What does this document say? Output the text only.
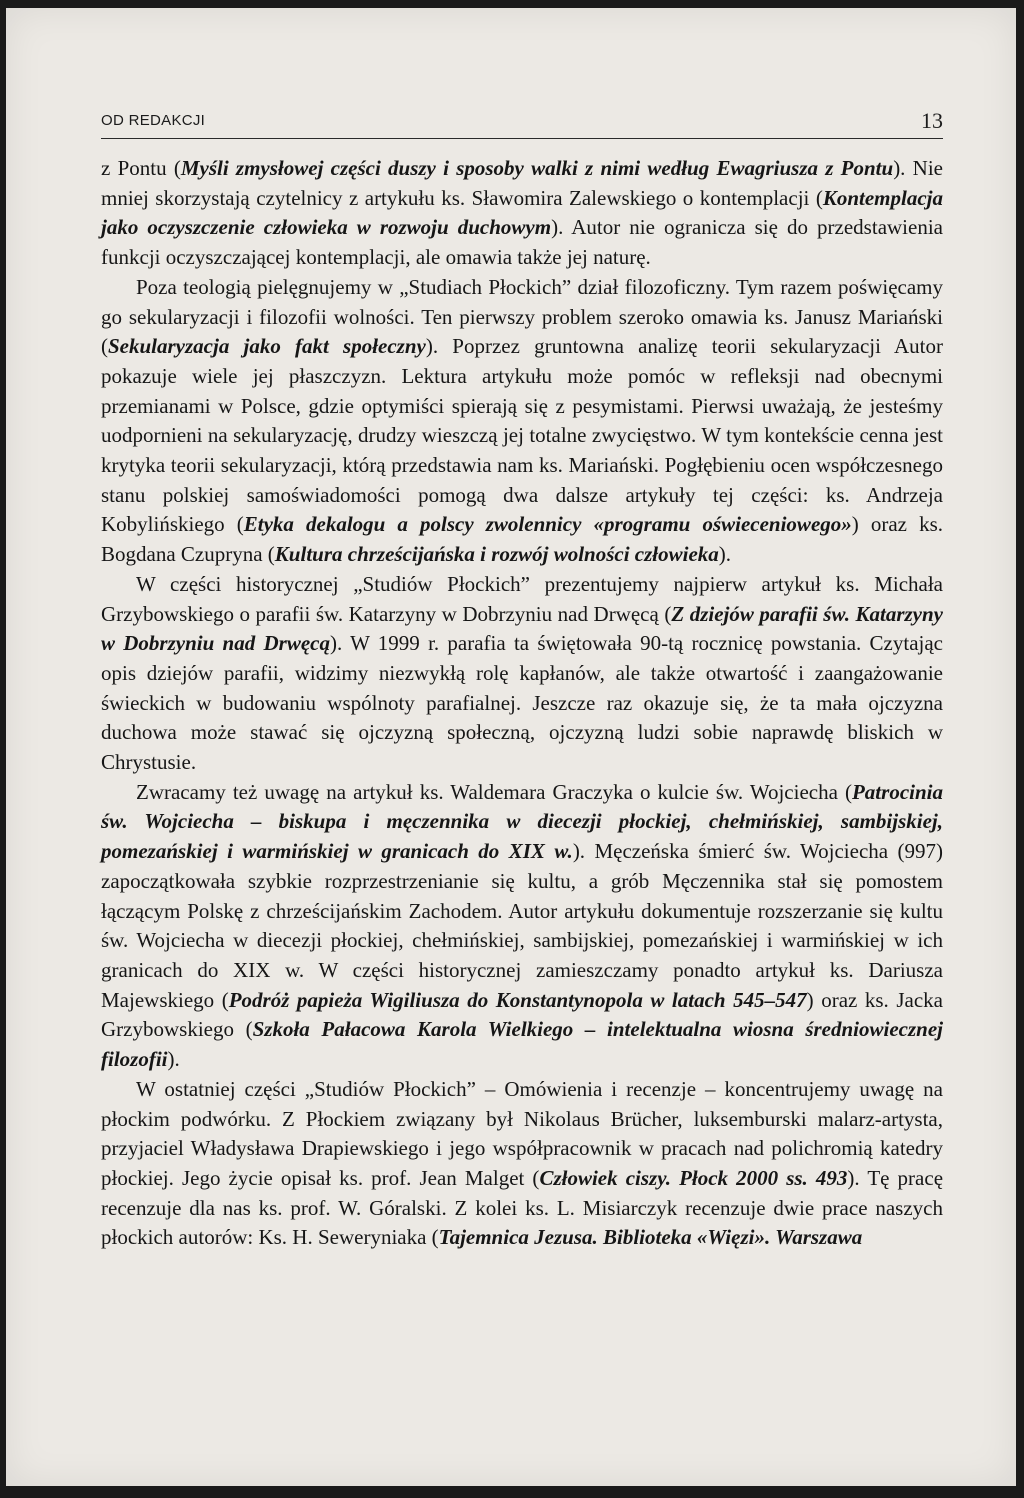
OD REDAKCJI	13

z Pontu (Myśli zmysłowej części duszy i sposoby walki z nimi według Ewagriusza z Pontu). Nie mniej skorzystają czytelnicy z artykułu ks. Sławomira Zalewskiego o kontemplacji (Kontemplacja jako oczyszczenie człowieka w rozwoju duchowym). Autor nie ogranicza się do przedstawienia funkcji oczyszczającej kontemplacji, ale omawia także jej naturę.

Poza teologią pielęgnujemy w „Studiach Płockich” dział filozoficzny. Tym razem poświęcamy go sekularyzacji i filozofii wolności. Ten pierwszy problem szeroko omawia ks. Janusz Mariański (Sekularyzacja jako fakt społeczny). Poprzez gruntowna analizę teorii sekularyzacji Autor pokazuje wiele jej płaszczyzn. Lektura artykułu może pomóc w refleksji nad obecnymi przemianami w Polsce, gdzie optymiści spierają się z pesymistami. Pierwsi uważają, że jesteśmy uodpornieni na sekularyzację, drudzy wieszczą jej totalne zwycięstwo. W tym kontekście cenna jest krytyka teorii sekularyzacji, którą przedstawia nam ks. Mariański. Pogłębieniu ocen współczesnego stanu polskiej samoświadomości pomogą dwa dalsze artykuły tej części: ks. Andrzeja Kobylińskiego (Etyka dekalogu a polscy zwolennicy «programu oświeceniowego») oraz ks. Bogdana Czupryna (Kultura chrześcijańska i rozwój wolności człowieka).

W części historycznej „Studiów Płockich” prezentujemy najpierw artykuł ks. Michała Grzybowskiego o parafii św. Katarzyny w Dobrzyniu nad Drwęcą (Z dziejów parafii św. Katarzyny w Dobrzyniu nad Drwęcą). W 1999 r. parafia ta świętowała 90-tą rocznicę powstania. Czytając opis dziejów parafii, widzimy niezwykłą rolę kapłanów, ale także otwartość i zaangażowanie świeckich w budowaniu wspólnoty parafialnej. Jeszcze raz okazuje się, że ta mała ojczyzna duchowa może stawać się ojczyzną społeczną, ojczyzną ludzi sobie naprawdę bliskich w Chrystusie.

Zwracamy też uwagę na artykuł ks. Waldemara Graczyka o kulcie św. Wojciecha (Patrocinia św. Wojciecha – biskupa i męczennika w diecezji płockiej, chełmińskiej, sambijskiej, pomezańskiej i warmińskiej w granicach do XIX w.). Męczeńska śmierć św. Wojciecha (997) zapoczątkowała szybkie rozprzestrzenianie się kultu, a grób Męczennika stał się pomostem łączącym Polskę z chrześcijańskim Zachodem. Autor artykułu dokumentuje rozszerzanie się kultu św. Wojciecha w diecezji płockiej, chełmińskiej, sambijskiej, pomezańskiej i warmińskiej w ich granicach do XIX w. W części historycznej zamieszczamy ponadto artykuł ks. Dariusza Majewskiego (Podróż papieża Wigiliusza do Konstantynopola w latach 545–547) oraz ks. Jacka Grzybowskiego (Szkoła Pałacowa Karola Wielkiego – intelektualna wiosna średniowiecznej filozofii).

W ostatniej części „Studiów Płockich” – Omówienia i recenzje – koncentrujemy uwagę na płockim podwórku. Z Płockiem związany był Nikolaus Brücher, luksemburski malarz-artysta, przyjaciel Władysława Drapiewskiego i jego współpracownik w pracach nad polichromią katedry płockiej. Jego życie opisał ks. prof. Jean Malget (Człowiek ciszy. Płock 2000 ss. 493). Tę pracę recenzuje dla nas ks. prof. W. Góralski. Z kolei ks. L. Misiarczyk recenzuje dwie prace naszych płockich autorów: Ks. H. Seweryniaka (Tajemnica Jezusa. Biblioteka «Więzi». Warszawa
